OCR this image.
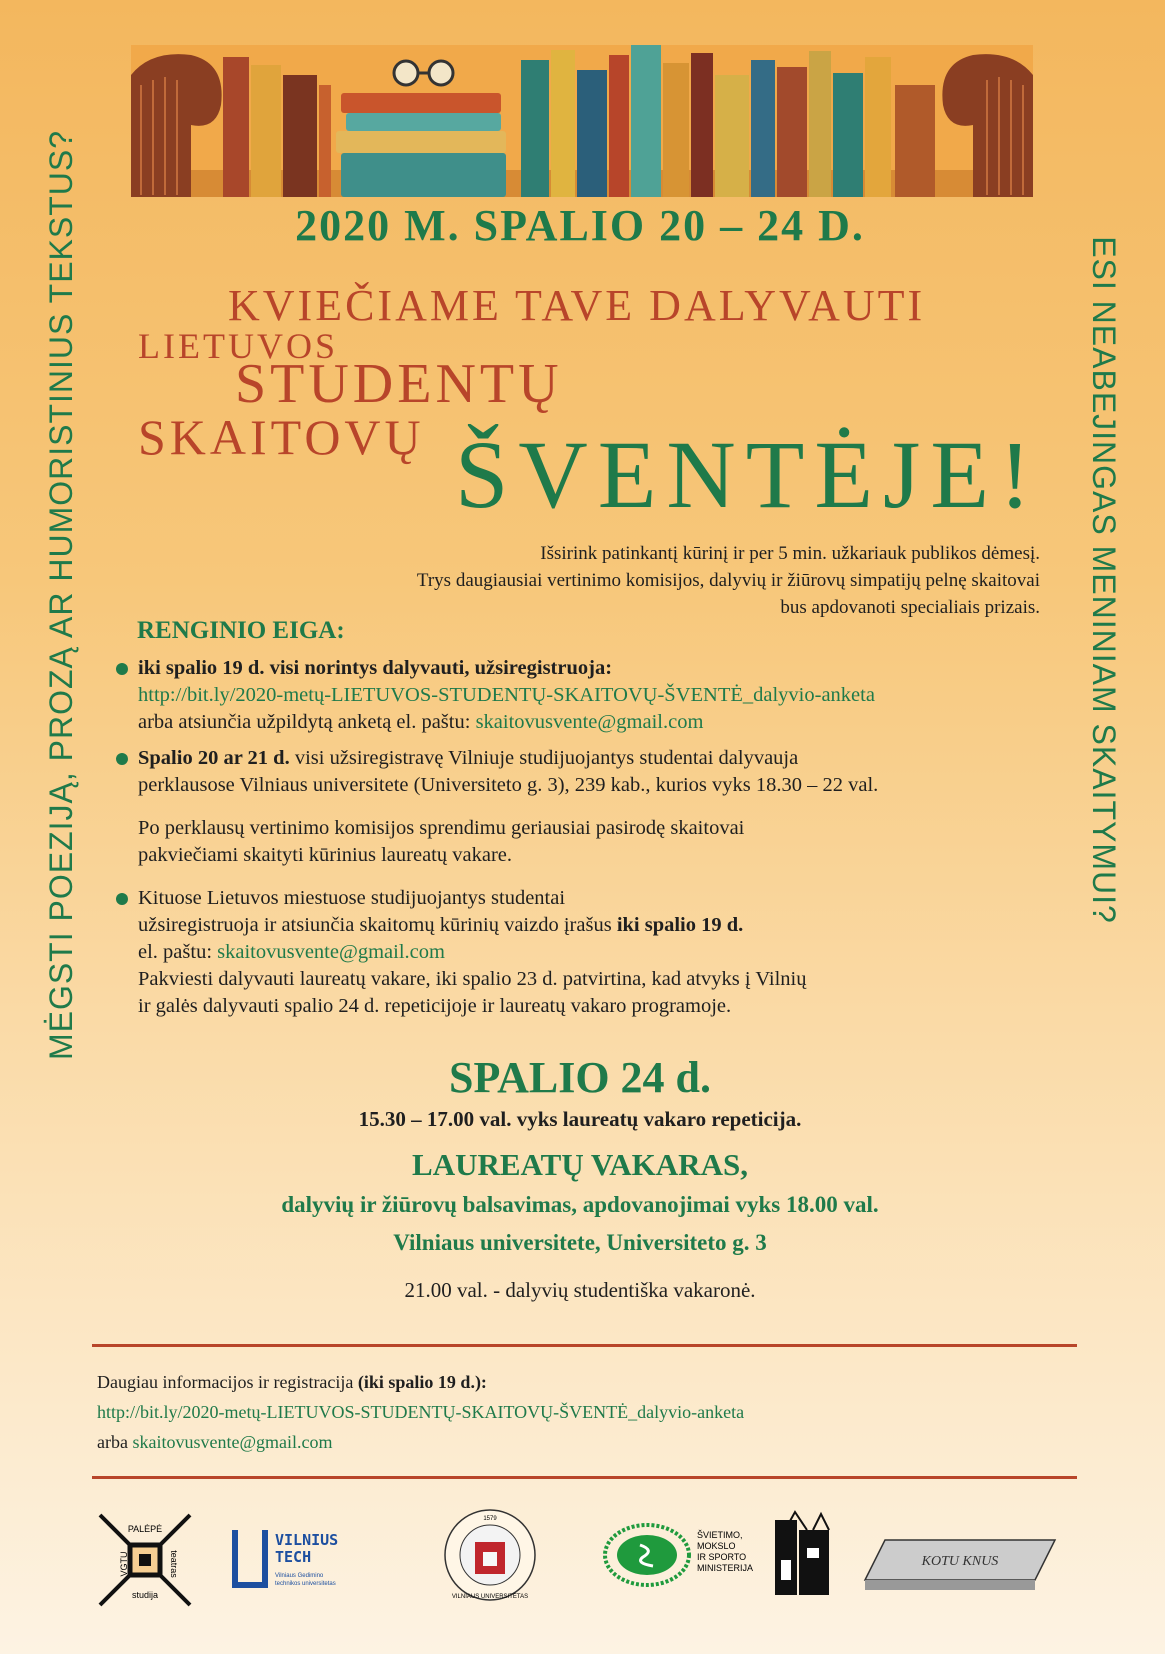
MĖGSTI POEZIJĄ, PROZĄ AR HUMORISTINIUS TEKSTUS?	ESI NEABEJINGAS MENINIAM SKAITYMUI?
2020 M. SPALIO 20 – 24 D.
KVIEČIAME TAVE DALYVAUTI
LIETUVOS
STUDENTŲ
SKAITOVŲ ŠVENTĖJE!
Išsirink patinkantį kūrinį ir per 5 min. užkariauk publikos dėmesį.
Trys daugiausiai vertinimo komisijos, dalyvių ir žiūrovų simpatijų pelnę skaitovai
bus apdovanoti specialiais prizais.
RENGINIO EIGA:
iki spalio 19 d. visi norintys dalyvauti, užsiregistruoja:
http://bit.ly/2020-metų-LIETUVOS-STUDENTŲ-SKAITOVŲ-ŠVENTĖ_dalyvio-anketa
arba atsiunčia užpildytą anketą el. paštu: skaitovusvente@gmail.com
Spalio 20 ar 21 d. visi užsiregistravę Vilniuje studijuojantys studentai dalyvauja
perklausose Vilniaus universitete (Universiteto g. 3), 239 kab., kurios vyks 18.30 – 22 val.
Po perklausų vertinimo komisijos sprendimu geriausiai pasirodę skaitovai
pakviečiami skaityti kūrinius laureatų vakare.
Kituose Lietuvos miestuose studijuojantys studentai
užsiregistruoja ir atsiunčia skaitomų kūrinių vaizdo įrašus iki spalio 19 d.
el. paštu: skaitovusvente@gmail.com
Pakviesti dalyvauti laureatų vakare, iki spalio 23 d. patvirtina, kad atvyks į Vilnių
ir galės dalyvauti spalio 24 d. repeticijoje ir laureatų vakaro programoje.
SPALIO 24 d.
15.30 – 17.00 val. vyks laureatų vakaro repeticija.
LAUREATŲ VAKARAS,
dalyvių ir žiūrovų balsavimas, apdovanojimai vyks 18.00 val.
Vilniaus universitete, Universiteto g. 3
21.00 val. - dalyvių studentiška vakaronė.
Daugiau informacijos ir registracija (iki spalio 19 d.):
http://bit.ly/2020-metų-LIETUVOS-STUDENTŲ-SKAITOVŲ-ŠVENTĖ_dalyvio-anketa
arba skaitovusvente@gmail.com
PALĖPĖ
VGTU	teatras
studija
VILNIUS
TECH
Vilniaus Gedimino
technikos universitetas
1579
VILNIAUS UNIVERSITETAS
ŠVIETIMO,
MOKSLO
IR SPORTO
MINISTERIJA	KOTU KNUS
